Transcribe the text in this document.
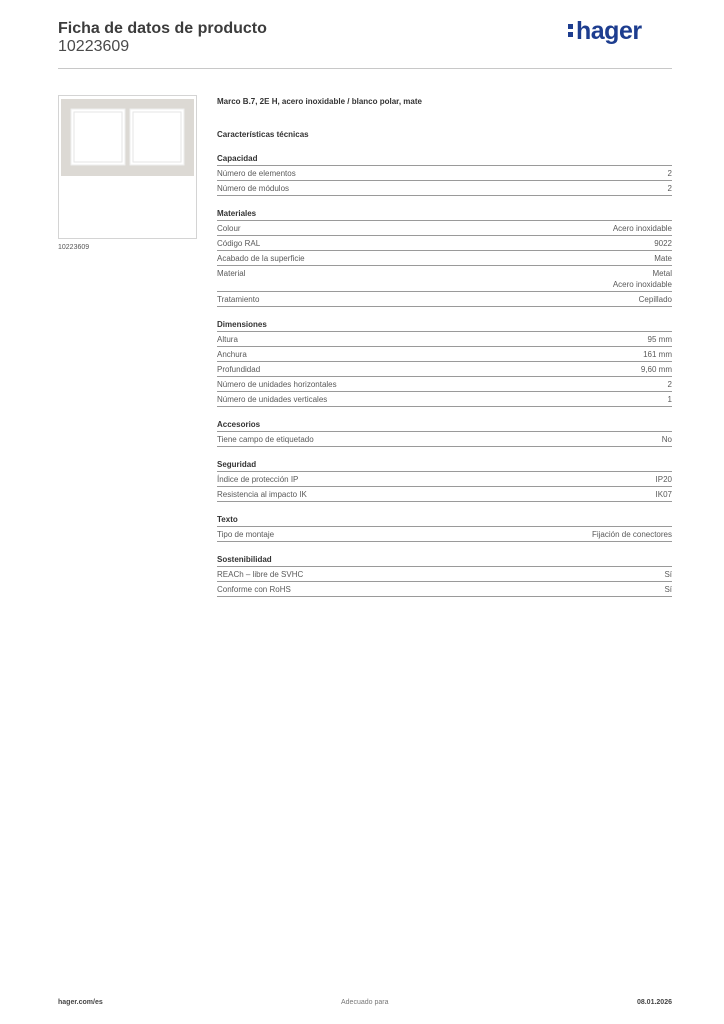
Ficha de datos de producto
10223609
hager
10223609
Marco B.7, 2E H, acero inoxidable / blanco polar, mate
Características técnicas
Capacidad
Número de elementos	2
Número de módulos	2
Materiales
Colour	Acero inoxidable
Código RAL	9022
Acabado de la superficie	Mate
Material	Metal
Acero inoxidable
Tratamiento	Cepillado
Dimensiones
Altura	95 mm
Anchura	161 mm
Profundidad	9,60 mm
Número de unidades horizontales	2
Número de unidades verticales	1
Accesorios
Tiene campo de etiquetado	No
Seguridad
Índice de protección IP	IP20
Resistencia al impacto IK	IK07
Texto
Tipo de montaje	Fijación de conectores
Sostenibilidad
REACh – libre de SVHC	Sí
Conforme con RoHS	Sí
hager.com/es	Adecuado para	08.01.2026
